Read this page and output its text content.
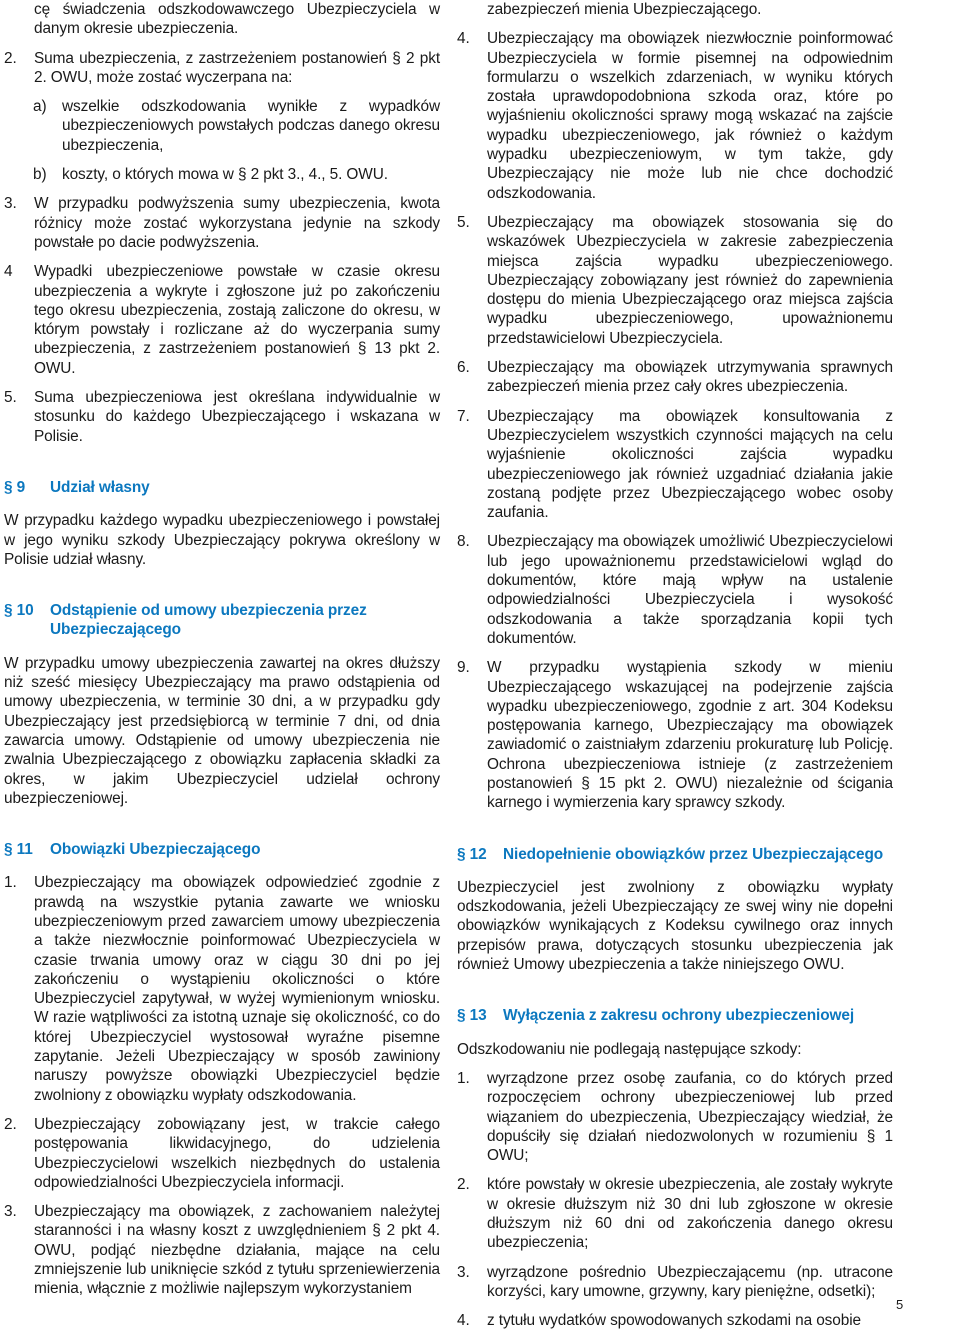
cę świadczenia odszkodowawczego Ubezpieczyciela w danym okresie ubezpieczenia.

2. Suma ubezpieczenia, z zastrzeżeniem postanowień § 2 pkt 2. OWU, może zostać wyczerpana na:
a) wszelkie odszkodowania wynikłe z wypadków ubezpieczeniowych powstałych podczas danego okresu ubezpieczenia,
b) koszty, o których mowa w § 2 pkt 3., 4., 5. OWU.
3. W przypadku podwyższenia sumy ubezpieczenia, kwota różnicy może zostać wykorzystana jedynie na szkody powstałe po dacie podwyższenia.
4 Wypadki ubezpieczeniowe powstałe w czasie okresu ubezpieczenia a wykryte i zgłoszone już po zakończeniu tego okresu ubezpieczenia, zostają zaliczone do okresu, w którym powstały i rozliczane aż do wyczerpania sumy ubezpieczenia, z zastrzeżeniem postanowień § 13 pkt 2. OWU.
5. Suma ubezpieczeniowa jest określana indywidualnie w stosunku do każdego Ubezpieczającego i wskazana w Polisie.
§ 9 Udział własny

W przypadku każdego wypadku ubezpieczeniowego i powstałej w jego wyniku szkody Ubezpieczający pokrywa określony w Polisie udział własny.

§ 10 Odstąpienie od umowy ubezpieczenia przez Ubezpieczającego

W przypadku umowy ubezpieczenia zawartej na okres dłuższy niż sześć miesięcy Ubezpieczający ma prawo odstąpienia od umowy ubezpieczenia, w terminie 30 dni, a w przypadku gdy Ubezpieczający jest przedsiębiorcą w terminie 7 dni, od dnia zawarcia umowy. Odstąpienie od umowy ubezpieczenia nie zwalnia Ubezpieczającego z obowiązku zapłacenia składki za okres, w jakim Ubezpieczyciel udzielał ochrony ubezpieczeniowej.

§ 11 Obowiązki Ubezpieczającego
1. Ubezpieczający ma obowiązek odpowiedzieć zgodnie z prawdą na wszystkie pytania zawarte we wniosku ubezpieczeniowym przed zawarciem umowy ubezpieczenia a także niezwłocznie poinformować Ubezpieczyciela w czasie trwania umowy oraz w ciągu 30 dni po jej zakończeniu o wystąpieniu okoliczności o które Ubezpieczyciel zapytywał, w wyżej wymienionym wniosku. W razie wątpliwości za istotną uznaje się okoliczność, co do której Ubezpieczyciel wystosował wyraźne pisemne zapytanie. Jeżeli Ubezpieczający w sposób zawiniony naruszy powyższe obowiązki Ubezpieczyciel będzie zwolniony z obowiązku wypłaty odszkodowania.
2. Ubezpieczający zobowiązany jest, w trakcie całego postępowania likwidacyjnego, do udzielenia Ubezpieczycielowi wszelkich niezbędnych do ustalenia odpowiedzialności Ubezpieczyciela informacji.
3. Ubezpieczający ma obowiązek, z zachowaniem należytej staranności i na własny koszt z uwzględnieniem § 2 pkt 4. OWU, podjąć niezbędne działania, mające na celu zmniejszenie lub uniknięcie szkód z tytułu sprzeniewierzenia mienia, włącznie z możliwie najlepszym wykorzystaniem

zabezpieczeń mienia Ubezpieczającego.

4. Ubezpieczający ma obowiązek niezwłocznie poinformować Ubezpieczyciela w formie pisemnej na odpowiednim formularzu o wszelkich zdarzeniach, w wyniku których została uprawdopodobniona szkoda oraz, które po wyjaśnieniu okoliczności sprawy mogą wskazać na zajście wypadku ubezpieczeniowego, jak również o każdym wypadku ubezpieczeniowym, w tym także, gdy Ubezpieczający nie może lub nie chce dochodzić odszkodowania.
5. Ubezpieczający ma obowiązek stosowania się do wskazówek Ubezpieczyciela w zakresie zabezpieczenia miejsca zajścia wypadku ubezpieczeniowego. Ubezpieczający zobowiązany jest również do zapewnienia dostępu do mienia Ubezpieczającego oraz miejsca zajścia wypadku ubezpieczeniowego, upoważnionemu przedstawicielowi Ubezpieczyciela.
6. Ubezpieczający ma obowiązek utrzymywania sprawnych zabezpieczeń mienia przez cały okres ubezpieczenia.
7. Ubezpieczający ma obowiązek konsultowania z Ubezpieczycielem wszystkich czynności mających na celu wyjaśnienie okoliczności zajścia wypadku ubezpieczeniowego jak również uzgadniać działania jakie zostaną podjęte przez Ubezpieczającego wobec osoby zaufania.
8. Ubezpieczający ma obowiązek umożliwić Ubezpieczycielowi lub jego upoważnionemu przedstawicielowi wgląd do dokumentów, które mają wpływ na ustalenie odpowiedzialności Ubezpieczyciela i wysokość odszkodowania a także sporządzania kopii tych dokumentów.
9. W przypadku wystąpienia szkody w mieniu Ubezpieczającego wskazującej na podejrzenie zajścia wypadku ubezpieczeniowego, zgodnie z art. 304 Kodeksu postępowania karnego, Ubezpieczający ma obowiązek zawiadomić o zaistniałym zdarzeniu prokuraturę lub Policję. Ochrona ubezpieczeniowa istnieje (z zastrzeżeniem postanowień § 15 pkt 2. OWU) niezależnie od ścigania karnego i wymierzenia kary sprawcy szkody.
§ 12 Niedopełnienie obowiązków przez Ubezpieczającego

Ubezpieczyciel jest zwolniony z obowiązku wypłaty odszkodowania, jeżeli Ubezpieczający ze swej winy nie dopełni obowiązków wynikających z Kodeksu cywilnego oraz innych przepisów prawa, dotyczących stosunku ubezpieczenia jak również Umowy ubezpieczenia a także niniejszego OWU.

§ 13 Wyłączenia z zakresu ochrony ubezpieczeniowej

Odszkodowaniu nie podlegają następujące szkody:

1. wyrządzone przez osobę zaufania, co do których przed rozpoczęciem ochrony ubezpieczeniowej lub przed wiązaniem do ubezpieczenia, Ubezpieczający wiedział, że dopuściły się działań niedozwolonych w rozumieniu § 1 OWU;
2. które powstały w okresie ubezpieczenia, ale zostały wykryte w okresie dłuższym niż 30 dni lub zgłoszone w okresie dłuższym niż 60 dni od zakończenia danego okresu ubezpieczenia;
3. wyrządzone pośrednio Ubezpieczającemu (np. utracone korzyści, kary umowne, grzywny, kary pieniężne, odsetki);
4. z tytułu wydatków spowodowanych szkodami na osobie
5
